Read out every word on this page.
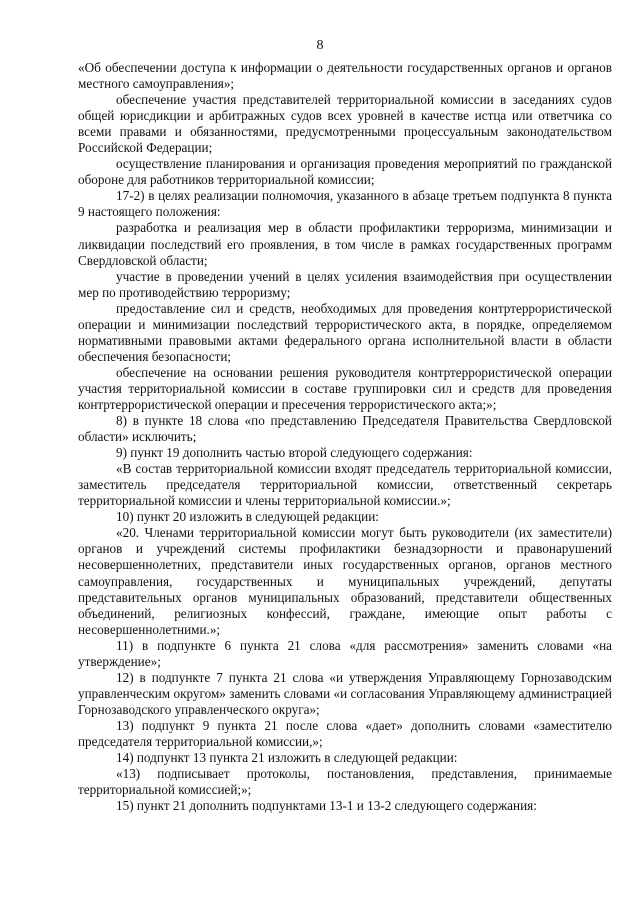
8

«Об обеспечении доступа к информации о деятельности государственных органов и органов местного самоуправления»;

обеспечение участия представителей территориальной комиссии в заседаниях судов общей юрисдикции и арбитражных судов всех уровней в качестве истца или ответчика со всеми правами и обязанностями, предусмотренными процессуальным законодательством Российской Федерации;

осуществление планирования и организация проведения мероприятий по гражданской обороне для работников территориальной комиссии;

17-2) в целях реализации полномочия, указанного в абзаце третьем подпункта 8 пункта 9 настоящего положения:

разработка и реализация мер в области профилактики терроризма, минимизации и ликвидации последствий его проявления, в том числе в рамках государственных программ Свердловской области;

участие в проведении учений в целях усиления взаимодействия при осуществлении мер по противодействию терроризму;

предоставление сил и средств, необходимых для проведения контртеррористической операции и минимизации последствий террористического акта, в порядке, определяемом нормативными правовыми актами федерального органа исполнительной власти в области обеспечения безопасности;

обеспечение на основании решения руководителя контртеррористической операции участия территориальной комиссии в составе группировки сил и средств для проведения контртеррористической операции и пресечения террористического акта;»;

8) в пункте 18 слова «по представлению Председателя Правительства Свердловской области» исключить;

9) пункт 19 дополнить частью второй следующего содержания:

«В состав территориальной комиссии входят председатель территориальной комиссии, заместитель председателя территориальной комиссии, ответственный секретарь территориальной комиссии и члены территориальной комиссии.»;

10) пункт 20 изложить в следующей редакции:

«20. Членами территориальной комиссии могут быть руководители (их заместители) органов и учреждений системы профилактики безнадзорности и правонарушений несовершеннолетних, представители иных государственных органов, органов местного самоуправления, государственных и муниципальных учреждений, депутаты представительных органов муниципальных образований, представители общественных объединений, религиозных конфессий, граждане, имеющие опыт работы с несовершеннолетними.»;

11) в подпункте 6 пункта 21 слова «для рассмотрения» заменить словами «на утверждение»;

12) в подпункте 7 пункта 21 слова «и утверждения Управляющему Горнозаводским управленческим округом» заменить словами «и согласования Управляющему администрацией Горнозаводского управленческого округа»;

13) подпункт 9 пункта 21 после слова «дает» дополнить словами «заместителю председателя территориальной комиссии,»;

14) подпункт 13 пункта 21 изложить в следующей редакции:

«13) подписывает протоколы, постановления, представления, принимаемые территориальной комиссией;»;

15) пункт 21 дополнить подпунктами 13-1 и 13-2 следующего содержания:
